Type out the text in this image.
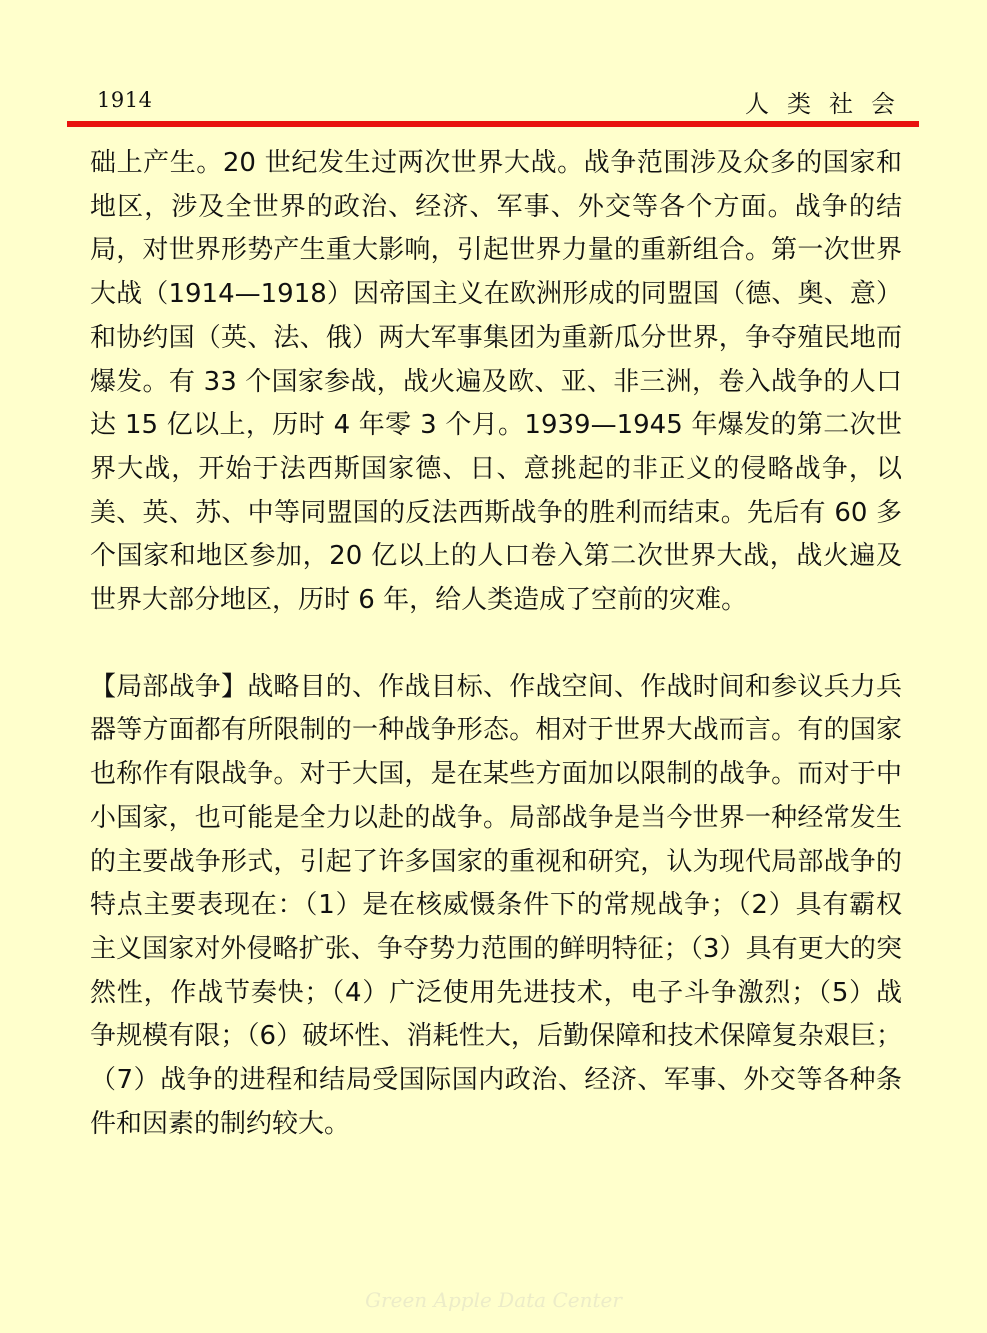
1914	人类社会

础上产生。20 世纪发生过两次世界大战。战争范围涉及众多的国家和地区，涉及全世界的政治、经济、军事、外交等各个方面。战争的结局，对世界形势产生重大影响，引起世界力量的重新组合。第一次世界大战（1914—1918）因帝国主义在欧洲形成的同盟国（德、奥、意）和协约国（英、法、俄）两大军事集团为重新瓜分世界，争夺殖民地而爆发。有 33 个国家参战，战火遍及欧、亚、非三洲，卷入战争的人口达 15 亿以上，历时 4 年零 3 个月。1939—1945 年爆发的第二次世界大战，开始于法西斯国家德、日、意挑起的非正义的侵略战争，以美、英、苏、中等同盟国的反法西斯战争的胜利而结束。先后有 60 多个国家和地区参加，20 亿以上的人口卷入第二次世界大战，战火遍及世界大部分地区，历时 6 年，给人类造成了空前的灾难。

【局部战争】战略目的、作战目标、作战空间、作战时间和参议兵力兵器等方面都有所限制的一种战争形态。相对于世界大战而言。有的国家也称作有限战争。对于大国，是在某些方面加以限制的战争。而对于中小国家，也可能是全力以赴的战争。局部战争是当今世界一种经常发生的主要战争形式，引起了许多国家的重视和研究，认为现代局部战争的特点主要表现在：（1）是在核威慑条件下的常规战争；（2）具有霸权主义国家对外侵略扩张、争夺势力范围的鲜明特征；（3）具有更大的突然性，作战节奏快；（4）广泛使用先进技术，电子斗争激烈；（5）战争规模有限；（6）破坏性、消耗性大，后勤保障和技术保障复杂艰巨；（7）战争的进程和结局受国际国内政治、经济、军事、外交等各种条件和因素的制约较大。

Green Apple Data Center
